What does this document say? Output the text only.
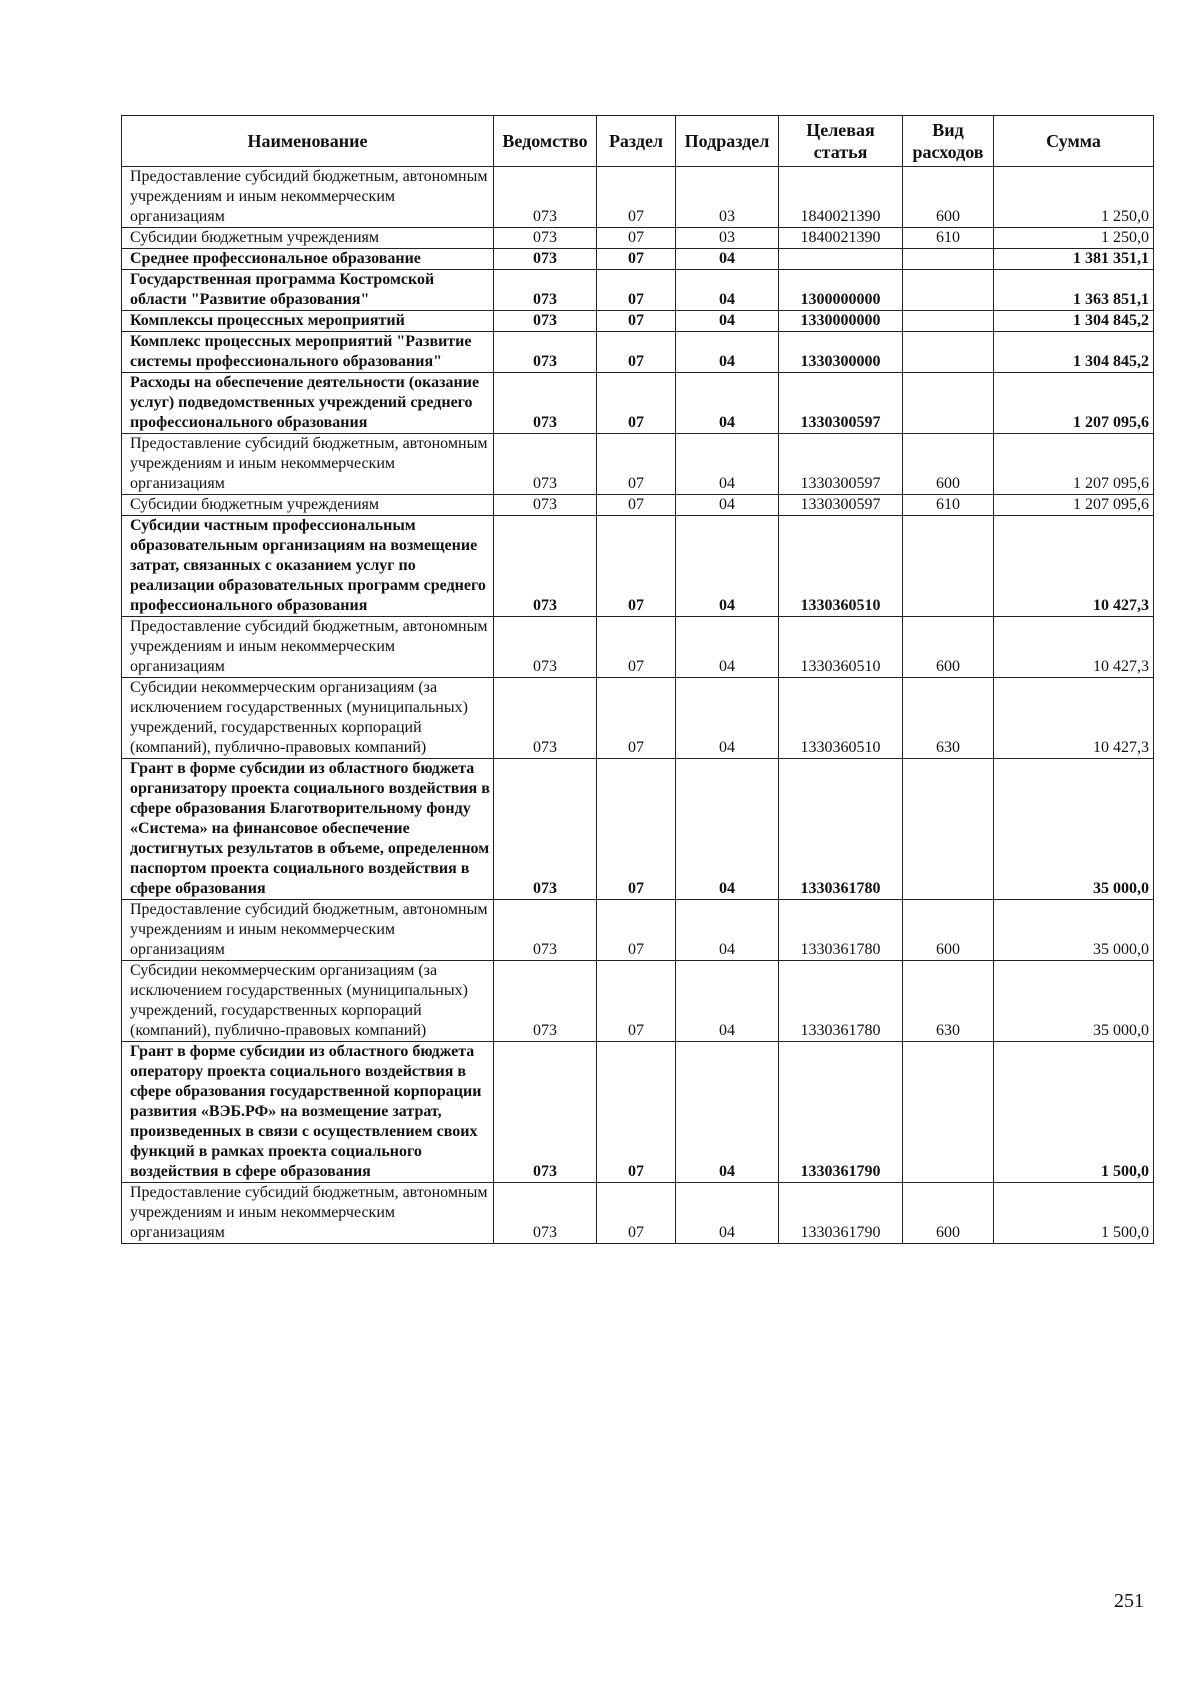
Наименование	Ведомство	Раздел	Подраздел	Целевая статья	Вид расходов	Сумма
Предоставление субсидий бюджетным, автономным учреждениям и иным некоммерческим организациям	073	07	03	1840021390	600	1 250,0
Субсидии бюджетным учреждениям	073	07	03	1840021390	610	1 250,0
Среднее профессиональное образование	073	07	04			1 381 351,1
Государственная программа Костромской области "Развитие образования"	073	07	04	1300000000		1 363 851,1
Комплексы процессных мероприятий	073	07	04	1330000000		1 304 845,2
Комплекс процессных мероприятий "Развитие системы профессионального образования"	073	07	04	1330300000		1 304 845,2
Расходы на обеспечение деятельности (оказание услуг) подведомственных учреждений среднего профессионального образования	073	07	04	1330300597		1 207 095,6
Предоставление субсидий бюджетным, автономным учреждениям и иным некоммерческим организациям	073	07	04	1330300597	600	1 207 095,6
Субсидии бюджетным учреждениям	073	07	04	1330300597	610	1 207 095,6
Субсидии частным профессиональным образовательным организациям на возмещение затрат, связанных с оказанием услуг по реализации образовательных программ среднего профессионального образования	073	07	04	1330360510		10 427,3
Предоставление субсидий бюджетным, автономным учреждениям и иным некоммерческим организациям	073	07	04	1330360510	600	10 427,3
Субсидии некоммерческим организациям (за исключением государственных (муниципальных) учреждений, государственных корпораций (компаний), публично-правовых компаний)	073	07	04	1330360510	630	10 427,3
Грант в форме субсидии из областного бюджета организатору проекта социального воздействия в сфере образования Благотворительному фонду «Система» на финансовое обеспечение достигнутых результатов в объеме, определенном паспортом проекта социального воздействия в сфере образования	073	07	04	1330361780		35 000,0
Предоставление субсидий бюджетным, автономным учреждениям и иным некоммерческим организациям	073	07	04	1330361780	600	35 000,0
Субсидии некоммерческим организациям (за исключением государственных (муниципальных) учреждений, государственных корпораций (компаний), публично-правовых компаний)	073	07	04	1330361780	630	35 000,0
Грант в форме субсидии из областного бюджета оператору проекта социального воздействия в сфере образования государственной корпорации развития «ВЭБ.РФ» на возмещение затрат, произведенных в связи с осуществлением своих функций в рамках проекта социального воздействия в сфере образования	073	07	04	1330361790		1 500,0
Предоставление субсидий бюджетным, автономным учреждениям и иным некоммерческим организациям	073	07	04	1330361790	600	1 500,0
251
